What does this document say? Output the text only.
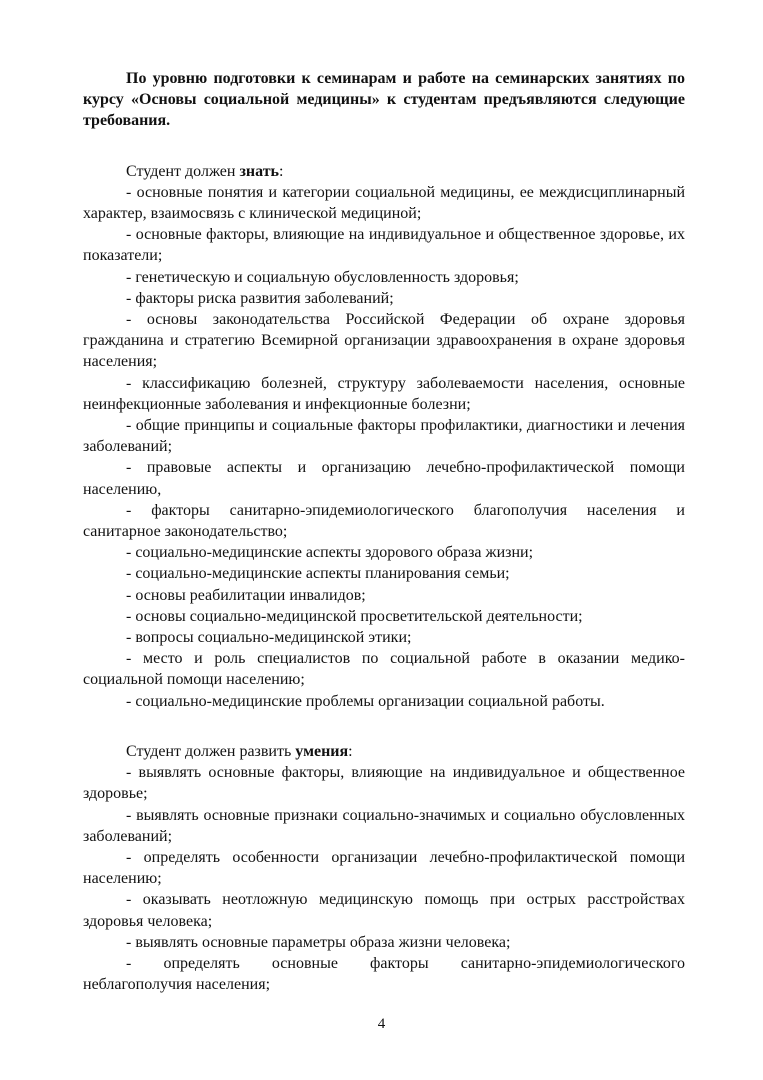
По уровню подготовки к семинарам и работе на семинарских занятиях по курсу «Основы социальной медицины» к студентам предъявляются следующие требования.

Студент должен знать:

- основные понятия и категории социальной медицины, ее междисциплинарный характер, взаимосвязь с клинической медициной;

- основные факторы, влияющие на индивидуальное и общественное здоровье, их показатели;

- генетическую и социальную обусловленность здоровья;

- факторы риска развития заболеваний;

- основы законодательства Российской Федерации об охране здоровья гражданина и стратегию Всемирной организации здравоохранения в охране здоровья населения;

- классификацию болезней, структуру заболеваемости населения, основные неинфекционные заболевания и инфекционные болезни;

- общие принципы и социальные факторы профилактики, диагностики и лечения заболеваний;

- правовые аспекты и организацию лечебно-профилактической помощи населению,

- факторы санитарно-эпидемиологического благополучия населения и санитарное законодательство;

- социально-медицинские аспекты здорового образа жизни;

- социально-медицинские аспекты планирования семьи;

- основы реабилитации инвалидов;

- основы социально-медицинской просветительской деятельности;

- вопросы социально-медицинской этики;

- место и роль специалистов по социальной работе в оказании медико-социальной помощи населению;

- социально-медицинские проблемы организации социальной работы.

Студент должен развить умения:

- выявлять основные факторы, влияющие на индивидуальное и общественное здоровье;

- выявлять основные признаки социально-значимых и социально обусловленных заболеваний;

- определять особенности организации лечебно-профилактической помощи населению;

- оказывать неотложную медицинскую помощь при острых расстройствах здоровья человека;

- выявлять основные параметры образа жизни человека;

- определять основные факторы санитарно-эпидемиологического неблагополучия населения;

4
